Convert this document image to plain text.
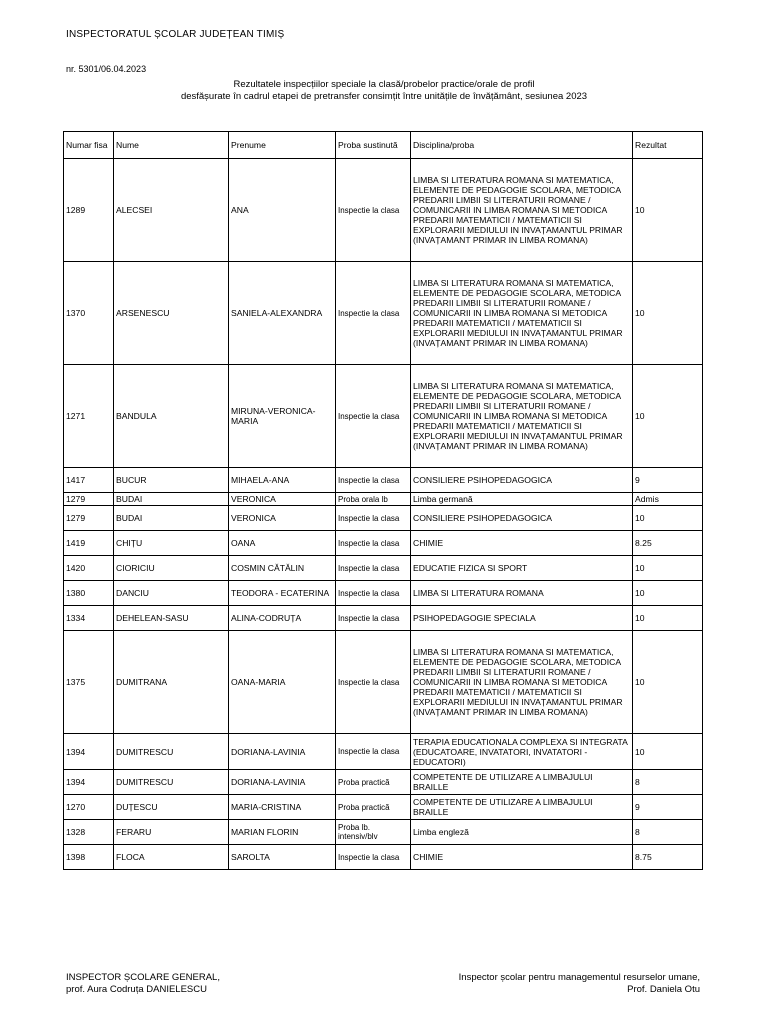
INSPECTORATUL ȘCOLAR JUDEȚEAN TIMIȘ
nr. 5301/06.04.2023
Rezultatele inspecțiilor speciale la clasă/probelor practice/orale de profil
desfășurate în cadrul etapei de pretransfer consimțit între unitățile de învățământ, sesiunea 2023
Numar fisa	Nume	Prenume	Proba sustinută	Disciplina/proba	Rezultat
1289	ALECSEI	ANA	Inspectie la clasa	LIMBA SI LITERATURA ROMANA SI MATEMATICA, ELEMENTE DE PEDAGOGIE SCOLARA, METODICA PREDARII LIMBII SI LITERATURII ROMANE / COMUNICARII IN LIMBA ROMANA SI METODICA PREDARII MATEMATICII / MATEMATICII SI EXPLORARII MEDIULUI IN INVAȚAMANTUL PRIMAR (INVAȚAMANT PRIMAR IN LIMBA ROMANA)	10
1370	ARSENESCU	SANIELA-ALEXANDRA	Inspectie la clasa	LIMBA SI LITERATURA ROMANA SI MATEMATICA, ELEMENTE DE PEDAGOGIE SCOLARA, METODICA PREDARII LIMBII SI LITERATURII ROMANE / COMUNICARII IN LIMBA ROMANA SI METODICA PREDARII MATEMATICII / MATEMATICII SI EXPLORARII MEDIULUI IN INVAȚAMANTUL PRIMAR (INVAȚAMANT PRIMAR IN LIMBA ROMANA)	10
1271	BANDULA	MIRUNA-VERONICA-MARIA	Inspectie la clasa	LIMBA SI LITERATURA ROMANA SI MATEMATICA, ELEMENTE DE PEDAGOGIE SCOLARA, METODICA PREDARII LIMBII SI LITERATURII ROMANE / COMUNICARII IN LIMBA ROMANA SI METODICA PREDARII MATEMATICII / MATEMATICII SI EXPLORARII MEDIULUI IN INVAȚAMANTUL PRIMAR (INVAȚAMANT PRIMAR IN LIMBA ROMANA)	10
1417	BUCUR	MIHAELA-ANA	Inspectie la clasa	CONSILIERE PSIHOPEDAGOGICA	9
1279	BUDAI	VERONICA	Proba orala lb	Limba germană	Admis
1279	BUDAI	VERONICA	Inspectie la clasa	CONSILIERE PSIHOPEDAGOGICA	10
1419	CHIȚU	OANA	Inspectie la clasa	CHIMIE	8.25
1420	CIORICIU	COSMIN CĂTĂLIN	Inspectie la clasa	EDUCATIE FIZICA SI SPORT	10
1380	DANCIU	TEODORA - ECATERINA	Inspectie la clasa	LIMBA SI LITERATURA ROMANA	10
1334	DEHELEAN-SASU	ALINA-CODRUȚA	Inspectie la clasa	PSIHOPEDAGOGIE SPECIALA	10
1375	DUMITRANA	OANA-MARIA	Inspectie la clasa	LIMBA SI LITERATURA ROMANA SI MATEMATICA, ELEMENTE DE PEDAGOGIE SCOLARA, METODICA PREDARII LIMBII SI LITERATURII ROMANE / COMUNICARII IN LIMBA ROMANA SI METODICA PREDARII MATEMATICII / MATEMATICII SI EXPLORARII MEDIULUI IN INVAȚAMANTUL PRIMAR (INVAȚAMANT PRIMAR IN LIMBA ROMANA)	10
1394	DUMITRESCU	DORIANA-LAVINIA	Inspectie la clasa	TERAPIA EDUCATIONALA COMPLEXA SI INTEGRATA (EDUCATOARE, INVATATORI, INVATATORI - EDUCATORI)	10
1394	DUMITRESCU	DORIANA-LAVINIA	Proba practică	COMPETENTE DE UTILIZARE A LIMBAJULUI BRAILLE	8
1270	DUȚESCU	MARIA-CRISTINA	Proba practică	COMPETENTE DE UTILIZARE A LIMBAJULUI BRAILLE	9
1328	FERARU	MARIAN FLORIN	Proba lb. intensiv/blv	Limba engleză	8
1398	FLOCA	SAROLTA	Inspectie la clasa	CHIMIE	8.75
INSPECTOR ȘCOLARE GENERAL,
prof. Aura Codruța DANIELESCU
Inspector școlar pentru managementul resurselor umane,
Prof. Daniela Otu
